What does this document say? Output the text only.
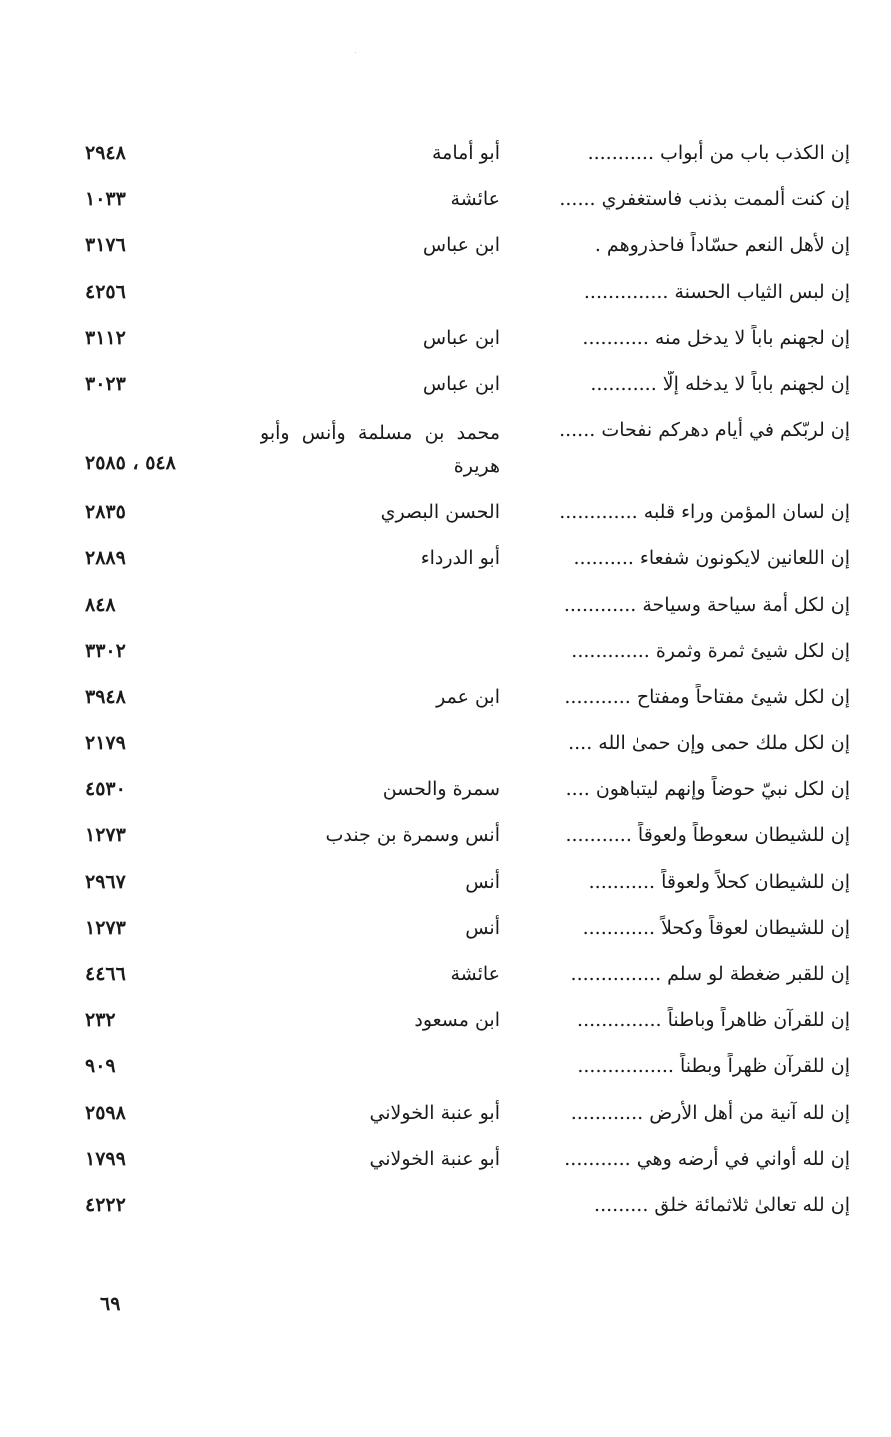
إن الكذب باب من أبواب ...........
أبو أمامة
٢٩٤٨
إن كنت ألممت بذنب فاستغفري ......
عائشة
١٠٣٣
إن لأهل النعم حسّاداً فاحذروهم .
ابن عباس
٣١٧٦
إن لبس الثياب الحسنة ..............
٤٢٥٦
إن لجهنم باباً لا يدخل منه ...........
ابن عباس
٣١١٢
إن لجهنم باباً لا يدخله إلَّا ...........
ابن عباس
٣٠٢٣
إن لربّكم في أيام دهركم نفحات ......
محمد بن مسلمة وأنس وأبو هريرة
٥٤٨ ، ٢٥٨٥
إن لسان المؤمن وراء قلبه .............
الحسن البصري
٢٨٣٥
إن اللعانين لايكونون شفعاء ..........
أبو الدرداء
٢٨٨٩
إن لكل أمة سياحة وسياحة ............
٨٤٨
إن لكل شيئ ثمرة وثمرة .............
٣٣٠٢
إن لكل شيئ مفتاحاً ومفتاح ...........
ابن عمر
٣٩٤٨
إن لكل ملك حمى وإن حمىٰ الله ....
٢١٧٩
إن لكل نبيّ حوضاً وإنهم ليتباهون ....
سمرة والحسن
٤٥٣٠
إن للشيطان سعوطاً ولعوقاً ...........
أنس وسمرة بن جندب
١٢٧٣
إن للشيطان كحلاً ولعوقاً ...........
أنس
٢٩٦٧
إن للشيطان لعوقاً وكحلاً ............
أنس
١٢٧٣
إن للقبر ضغطة لو سلم ...............
عائشة
٤٤٦٦
إن للقرآن ظاهراً وباطناً ..............
ابن مسعود
٢٣٢
إن للقرآن ظهراً وبطناً ................
٩٠٩
إن لله آنية من أهل الأرض ............
أبو عنبة الخولاني
٢٥٩٨
إن لله أواني في أرضه وهي ...........
أبو عنبة الخولاني
١٧٩٩
إن لله تعالىٰ ثلاثمائة خلق .........
٤٢٢٢
٦٩
